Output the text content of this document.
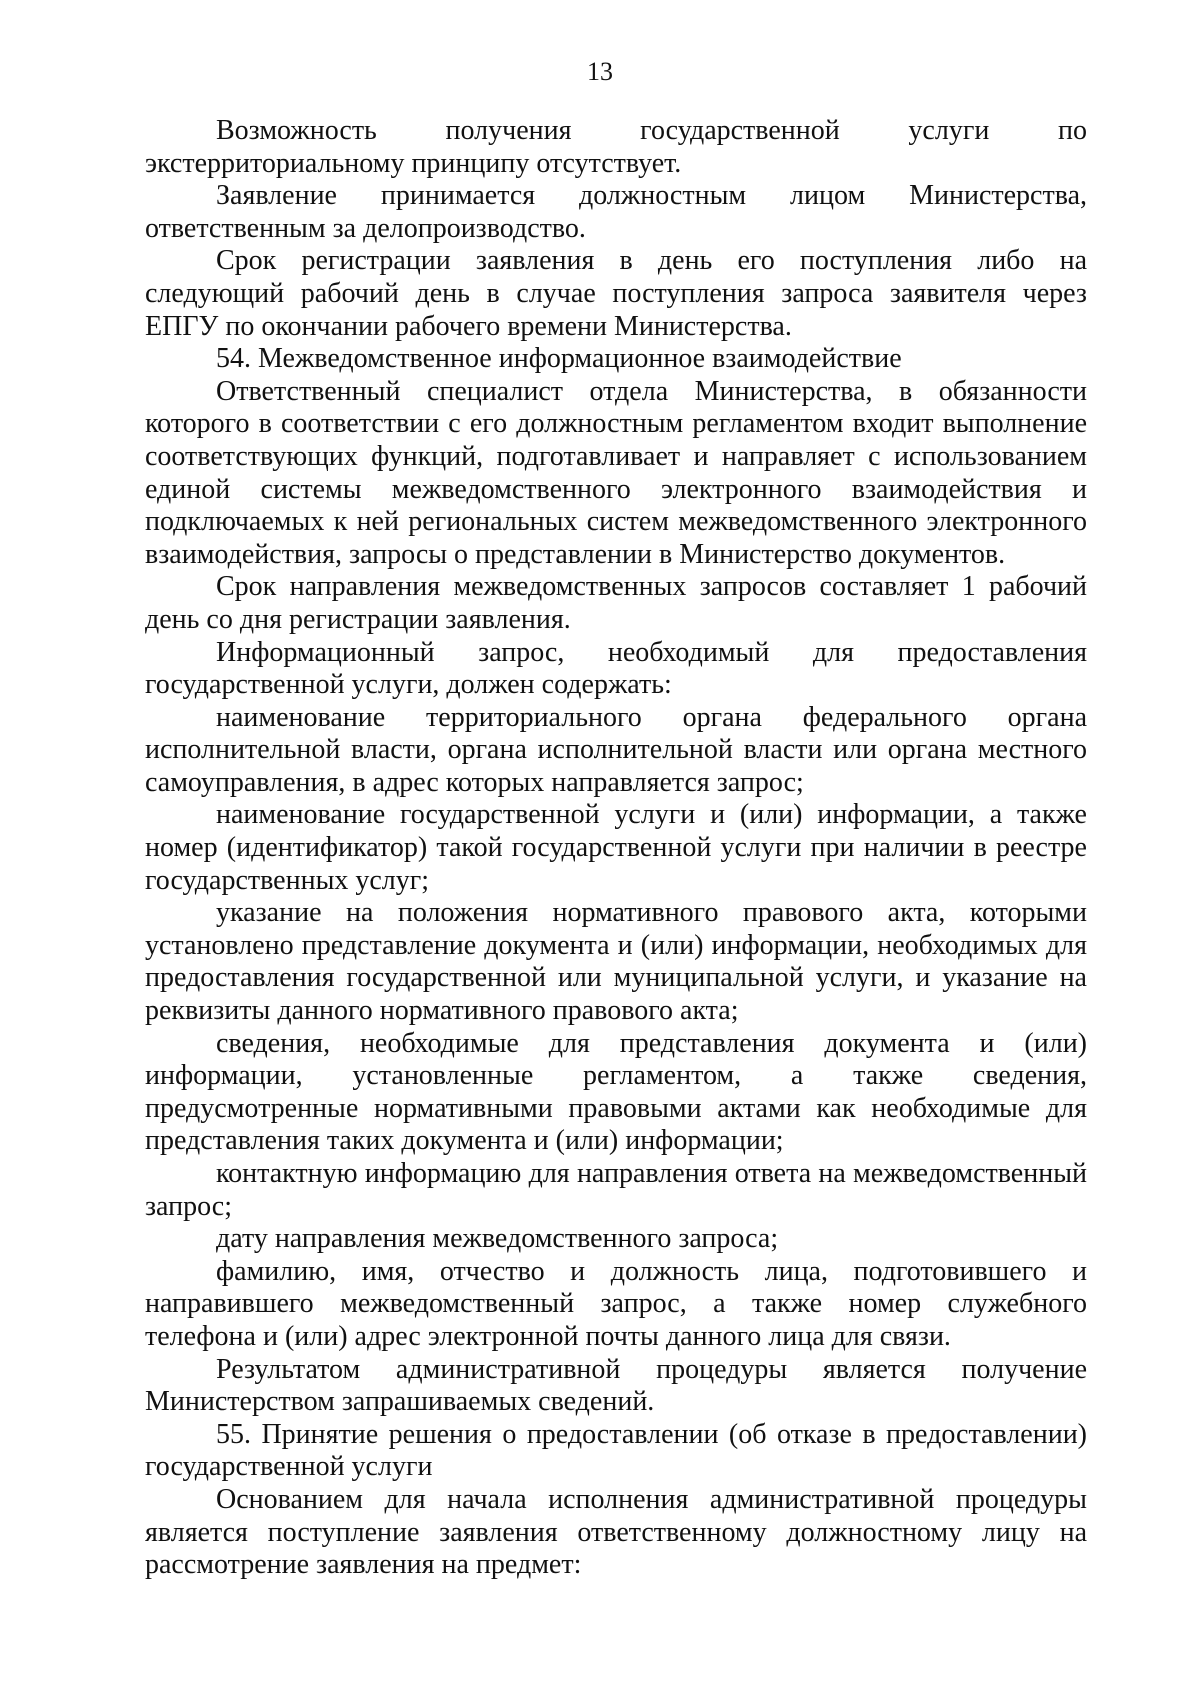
13

Возможность получения государственной услуги по экстерриториальному принципу отсутствует.

Заявление принимается должностным лицом Министерства, ответственным за делопроизводство.

Срок регистрации заявления в день его поступления либо на следующий рабочий день в случае поступления запроса заявителя через ЕПГУ по окончании рабочего времени Министерства.

54. Межведомственное информационное взаимодействие

Ответственный специалист отдела Министерства, в обязанности которого в соответствии с его должностным регламентом входит выполнение соответствующих функций, подготавливает и направляет с использованием единой системы межведомственного электронного взаимодействия и подключаемых к ней региональных систем межведомственного электронного взаимодействия, запросы о представлении в Министерство документов.

Срок направления межведомственных запросов составляет 1 рабочий день со дня регистрации заявления.

Информационный запрос, необходимый для предоставления государственной услуги, должен содержать:

наименование территориального органа федерального органа исполнительной власти, органа исполнительной власти или органа местного самоуправления, в адрес которых направляется запрос;

наименование государственной услуги и (или) информации, а также номер (идентификатор) такой государственной услуги при наличии в реестре государственных услуг;

указание на положения нормативного правового акта, которыми установлено представление документа и (или) информации, необходимых для предоставления государственной или муниципальной услуги, и указание на реквизиты данного нормативного правового акта;

сведения, необходимые для представления документа и (или) информации, установленные регламентом, а также сведения, предусмотренные нормативными правовыми актами как необходимые для представления таких документа и (или) информации;

контактную информацию для направления ответа на межведомственный запрос;

дату направления межведомственного запроса;

фамилию, имя, отчество и должность лица, подготовившего и направившего межведомственный запрос, а также номер служебного телефона и (или) адрес электронной почты данного лица для связи.

Результатом административной процедуры является получение Министерством запрашиваемых сведений.

55. Принятие решения о предоставлении (об отказе в предоставлении) государственной услуги

Основанием для начала исполнения административной процедуры является поступление заявления ответственному должностному лицу на рассмотрение заявления на предмет:
